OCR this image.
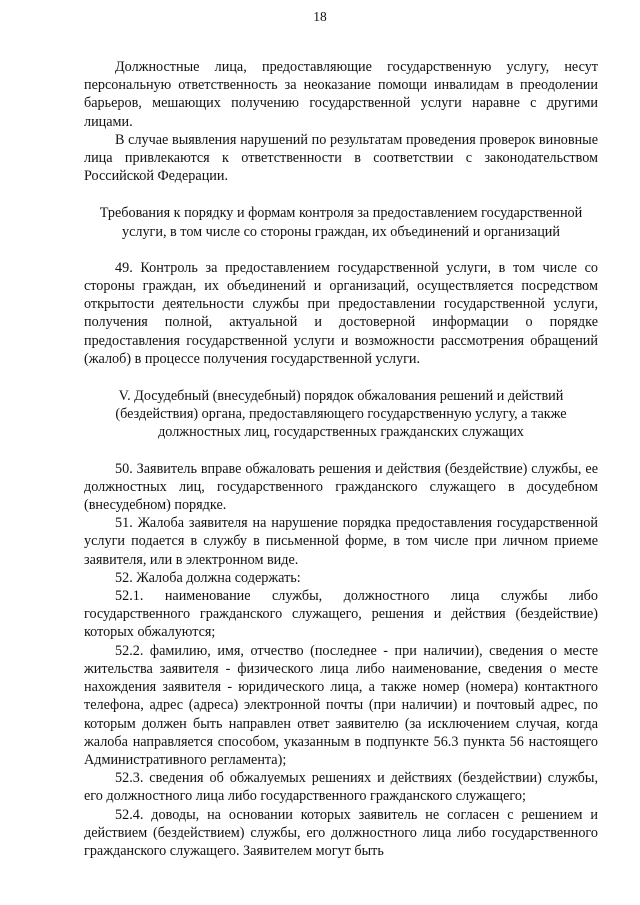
18

Должностные лица, предоставляющие государственную услугу, несут персональную ответственность за неоказание помощи инвалидам в преодолении барьеров, мешающих получению государственной услуги наравне с другими лицами.

В случае выявления нарушений по результатам проведения проверок виновные лица привлекаются к ответственности в соответствии с законодательством Российской Федерации.

Требования к порядку и формам контроля за предоставлением государственной услуги, в том числе со стороны граждан, их объединений и организаций

49. Контроль за предоставлением государственной услуги, в том числе со стороны граждан, их объединений и организаций, осуществляется посредством открытости деятельности службы при предоставлении государственной услуги, получения полной, актуальной и достоверной информации о порядке предоставления государственной услуги и возможности рассмотрения обращений (жалоб) в процессе получения государственной услуги.

V. Досудебный (внесудебный) порядок обжалования решений и действий (бездействия) органа, предоставляющего государственную услугу, а также должностных лиц, государственных гражданских служащих

50. Заявитель вправе обжаловать решения и действия (бездействие) службы, ее должностных лиц, государственного гражданского служащего в досудебном (внесудебном) порядке.

51. Жалоба заявителя на нарушение порядка предоставления государственной услуги подается в службу в письменной форме, в том числе при личном приеме заявителя, или в электронном виде.

52. Жалоба должна содержать:

52.1. наименование службы, должностного лица службы либо государственного гражданского служащего, решения и действия (бездействие) которых обжалуются;

52.2. фамилию, имя, отчество (последнее - при наличии), сведения о месте жительства заявителя - физического лица либо наименование, сведения о месте нахождения заявителя - юридического лица, а также номер (номера) контактного телефона, адрес (адреса) электронной почты (при наличии) и почтовый адрес, по которым должен быть направлен ответ заявителю (за исключением случая, когда жалоба направляется способом, указанным в подпункте 56.3 пункта 56 настоящего Административного регламента);

52.3. сведения об обжалуемых решениях и действиях (бездействии) службы, его должностного лица либо государственного гражданского служащего;

52.4. доводы, на основании которых заявитель не согласен с решением и действием (бездействием) службы, его должностного лица либо государственного гражданского служащего. Заявителем могут быть
